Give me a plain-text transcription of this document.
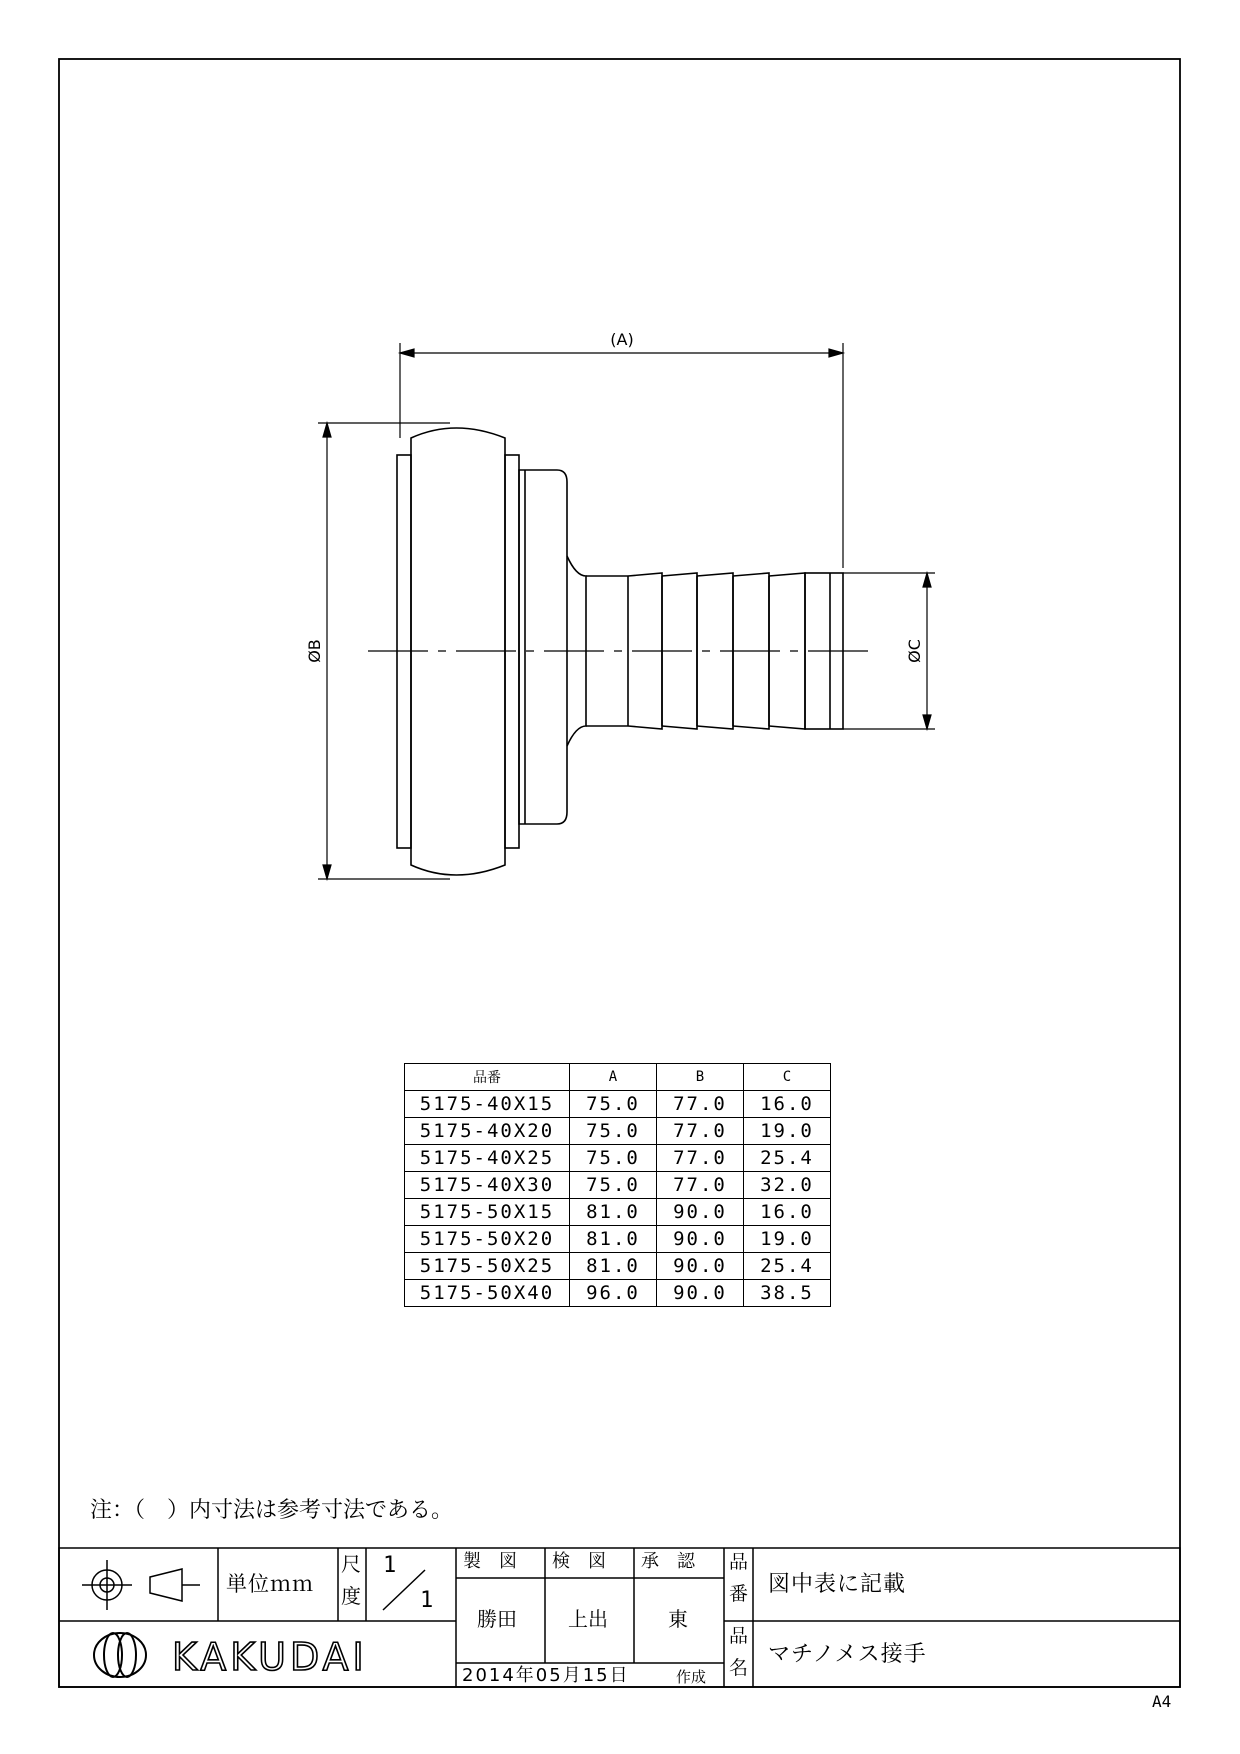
(A)
ØB	ØC
KAKUDAI
品番	A	B	C
5175-40X15	75.0	77.0	16.0
5175-40X20	75.0	77.0	19.0
5175-40X25	75.0	77.0	25.4
5175-40X30	75.0	77.0	32.0
5175-50X15	81.0	90.0	16.0
5175-50X20	81.0	90.0	19.0
5175-50X25	81.0	90.0	25.4
5175-50X40	96.0	90.0	38.5
注：（　）内寸法は参考寸法である。
単位ｍｍ
尺
度
1
1
製　図 検　図 承　認
勝田	上出	東
2014年05月15日	作成
品
番 図中表に記載
品
名
マチノメス接手
A4
